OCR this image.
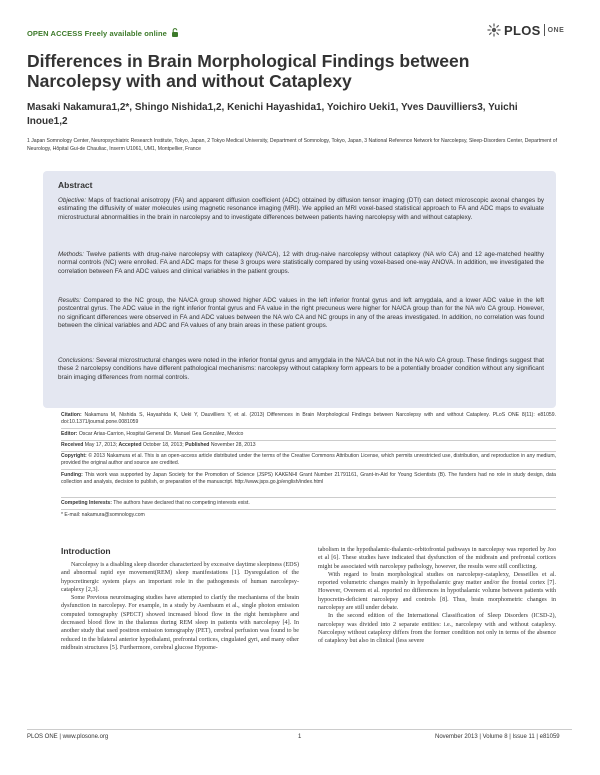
OPEN ACCESS Freely available online	PLOS ONE
Differences in Brain Morphological Findings between Narcolepsy with and without Cataplexy
Masaki Nakamura1,2*, Shingo Nishida1,2, Kenichi Hayashida1, Yoichiro Ueki1, Yves Dauvilliers3, Yuichi Inoue1,2
1 Japan Somnology Center, Neuropsychiatric Research Institute, Tokyo, Japan, 2 Tokyo Medical University, Department of Somnology, Tokyo, Japan, 3 National Reference Network for Narcolepsy, Sleep-Disorders Center, Department of Neurology, Hôpital Gui-de Chauliac, Inserm U1061, UM1, Montpellier, France
Abstract
Objective: Maps of fractional anisotropy (FA) and apparent diffusion coefficient (ADC) obtained by diffusion tensor imaging (DTI) can detect microscopic axonal changes by estimating the diffusivity of water molecules using magnetic resonance imaging (MRI). We applied an MRI voxel-based statistical approach to FA and ADC maps to evaluate microstructural abnormalities in the brain in narcolepsy and to investigate differences between patients having narcolepsy with and without cataplexy.
Methods: Twelve patients with drug-naive narcolepsy with cataplexy (NA/CA), 12 with drug-naive narcolepsy without cataplexy (NA w/o CA) and 12 age-matched healthy normal controls (NC) were enrolled. FA and ADC maps for these 3 groups were statistically compared by using voxel-based one-way ANOVA. In addition, we investigated the correlation between FA and ADC values and clinical variables in the patient groups.
Results: Compared to the NC group, the NA/CA group showed higher ADC values in the left inferior frontal gyrus and left amygdala, and a lower ADC value in the left postcentral gyrus. The ADC value in the right inferior frontal gyrus and FA value in the right precuneus were higher for NA/CA group than for the NA w/o CA group. However, no significant differences were observed in FA and ADC values between the NA w/o CA and NC groups in any of the areas investigated. In addition, no correlation was found between the clinical variables and ADC and FA values of any brain areas in these patient groups.
Conclusions: Several microstructural changes were noted in the inferior frontal gyrus and amygdala in the NA/CA but not in the NA w/o CA group. These findings suggest that these 2 narcolepsy conditions have different pathological mechanisms: narcolepsy without cataplexy form appears to be a potentially broader condition without any significant brain imaging differences from normal controls.
Citation: Nakamura M, Nishida S, Hayashida K, Ueki Y, Dauvilliers Y, et al. (2013) Differences in Brain Morphological Findings between Narcolepsy with and without Cataplexy. PLoS ONE 8(11): e81059. doi:10.1371/journal.pone.0081059
Editor: Oscar Arias-Carrion, Hospital General Dr. Manuel Gea González, Mexico
Received May 17, 2013; Accepted October 18, 2013; Published November 28, 2013
Copyright: © 2013 Nakamura et al. This is an open-access article distributed under the terms of the Creative Commons Attribution License, which permits unrestricted use, distribution, and reproduction in any medium, provided the original author and source are credited.
Funding: This work was supported by Japan Society for the Promotion of Science (JSPS) KAKENHI Grant Number 21791161, Grant-in-Aid for Young Scientists (B). The funders had no role in study design, data collection and analysis, decision to publish, or preparation of the manuscript. http://www.jsps.go.jp/english/index.html
Competing Interests: The authors have declared that no competing interests exist.
* E-mail: nakamura@somnology.com
Introduction

Narcolepsy is a disabling sleep disorder characterized by excessive daytime sleepiness (EDS) and abnormal rapid eye movement(REM) sleep manifestations [1]. Dysregulation of the hypocretinergic system plays an important role in the pathogenesis of human narcolepsy-cataplexy [2,3].

Some Previous neuroimaging studies have attempted to clarify the mechanisms of the brain dysfunction in narcolepsy. For example, in a study by Asenbaum et al., single photon emission computed tomography (SPECT) showed increased blood flow in the right hemisphere and decreased blood flow in the thalamus during REM sleep in patients with narcolepsy [4]. In another study that used positron emission tomography (PET), cerebral perfusion was found to be reduced in the bilateral anterior hypothalami, prefrontal cortices, cingulated gyri, and many other midbrain structures [5]. Furthermore, cerebral glucose Hypome-

tabolism in the hypothalamic-thalamic-orbitofrontal pathways in narcolepsy was reported by Joo et al [6]. These studies have indicated that dysfunction of the midbrain and prefrontal cortices might be associated with narcolepsy pathology, however, the results were still conflicting.

With regard to brain morphological studies on narcolepsy-cataplexy, Desseilles et al. reported volumetric changes mainly in hypothalamic gray matter and/or the frontal cortex [7]. However, Overeem et al. reported no differences in hypothalamic volume between patients with hypocretin-deficient narcolepsy and controls [8]. Thus, brain morphometric changes in narcolepsy are still under debate.

In the second edition of the International Classification of Sleep Disorders (ICSD-2), narcolepsy was divided into 2 separate entities: i.e., narcolepsy with and without cataplexy. Narcolepsy without cataplexy differs from the former condition not only in terms of the absence of cataplexy but also in clinical (less severe

PLOS ONE | www.plosone.org	1	November 2013 | Volume 8 | Issue 11 | e81059
